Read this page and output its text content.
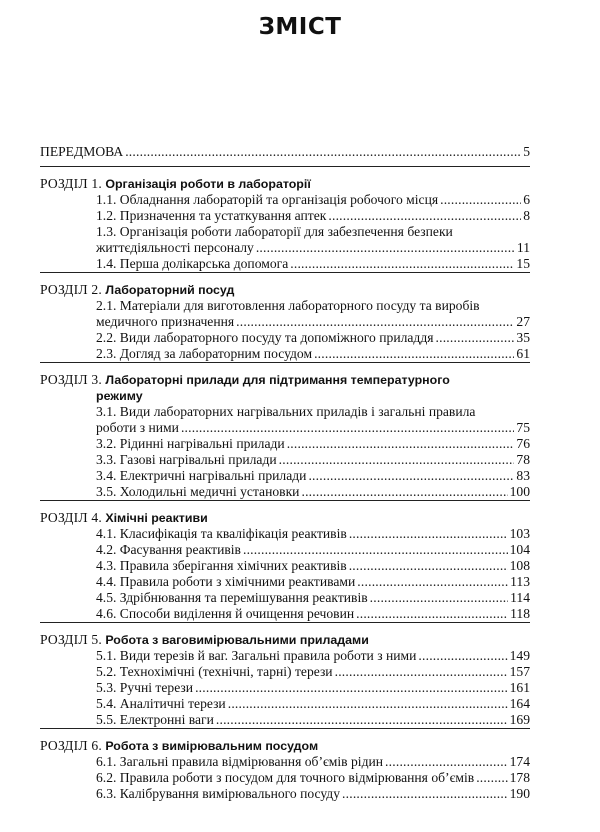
ЗМІСТ
ПЕРЕДМОВА .....	5
РОЗДІЛ 1. Організація роботи в лабораторії
1.1. Обладнання лабораторій та організація робочого місця .....	6
1.2. Призначення та устаткування аптек .....	8
1.3. Організація роботи лабораторії для забезпечення безпеки
життєдіяльності персоналу .....	11
1.4. Перша долікарська допомога .....	15
РОЗДІЛ 2. Лабораторний посуд
2.1. Матеріали для виготовлення лабораторного посуду та виробів
медичного призначення .....	27
2.2. Види лабораторного посуду та допоміжного приладдя .....	35
2.3. Догляд за лабораторним посудом .....	61
РОЗДІЛ 3. Лабораторні прилади для підтримання температурного
режиму
3.1. Види лабораторних нагрівальних приладів і загальні правила
роботи з ними .....	75
3.2. Рідинні нагрівальні прилади .....	76
3.3. Газові нагрівальні прилади .....	78
3.4. Електричні нагрівальні прилади .....	83
3.5. Холодильні медичні установки .....	100
РОЗДІЛ 4. Хімічні реактиви
4.1. Класифікація та кваліфікація реактивів .....	103
4.2. Фасування реактивів .....	104
4.3. Правила зберігання хімічних реактивів .....	108
4.4. Правила роботи з хімічними реактивами .....	113
4.5. Здрібнювання та перемішування реактивів .....	114
4.6. Способи виділення й очищення речовин .....	118
РОЗДІЛ 5. Робота з ваговимірювальними приладами
5.1. Види терезів й ваг. Загальні правила роботи з ними .....	149
5.2. Технохімічні (технічні, тарні) терези .....	157
5.3. Ручні терези .....	161
5.4. Аналітичні терези .....	164
5.5. Електронні ваги .....	169
РОЗДІЛ 6. Робота з вимірювальним посудом
6.1. Загальні правила відмірювання об’ємів рідин .....	174
6.2. Правила роботи з посудом для точного відмірювання об’ємів .....	178
6.3. Калібрування вимірювального посуду .....	190
